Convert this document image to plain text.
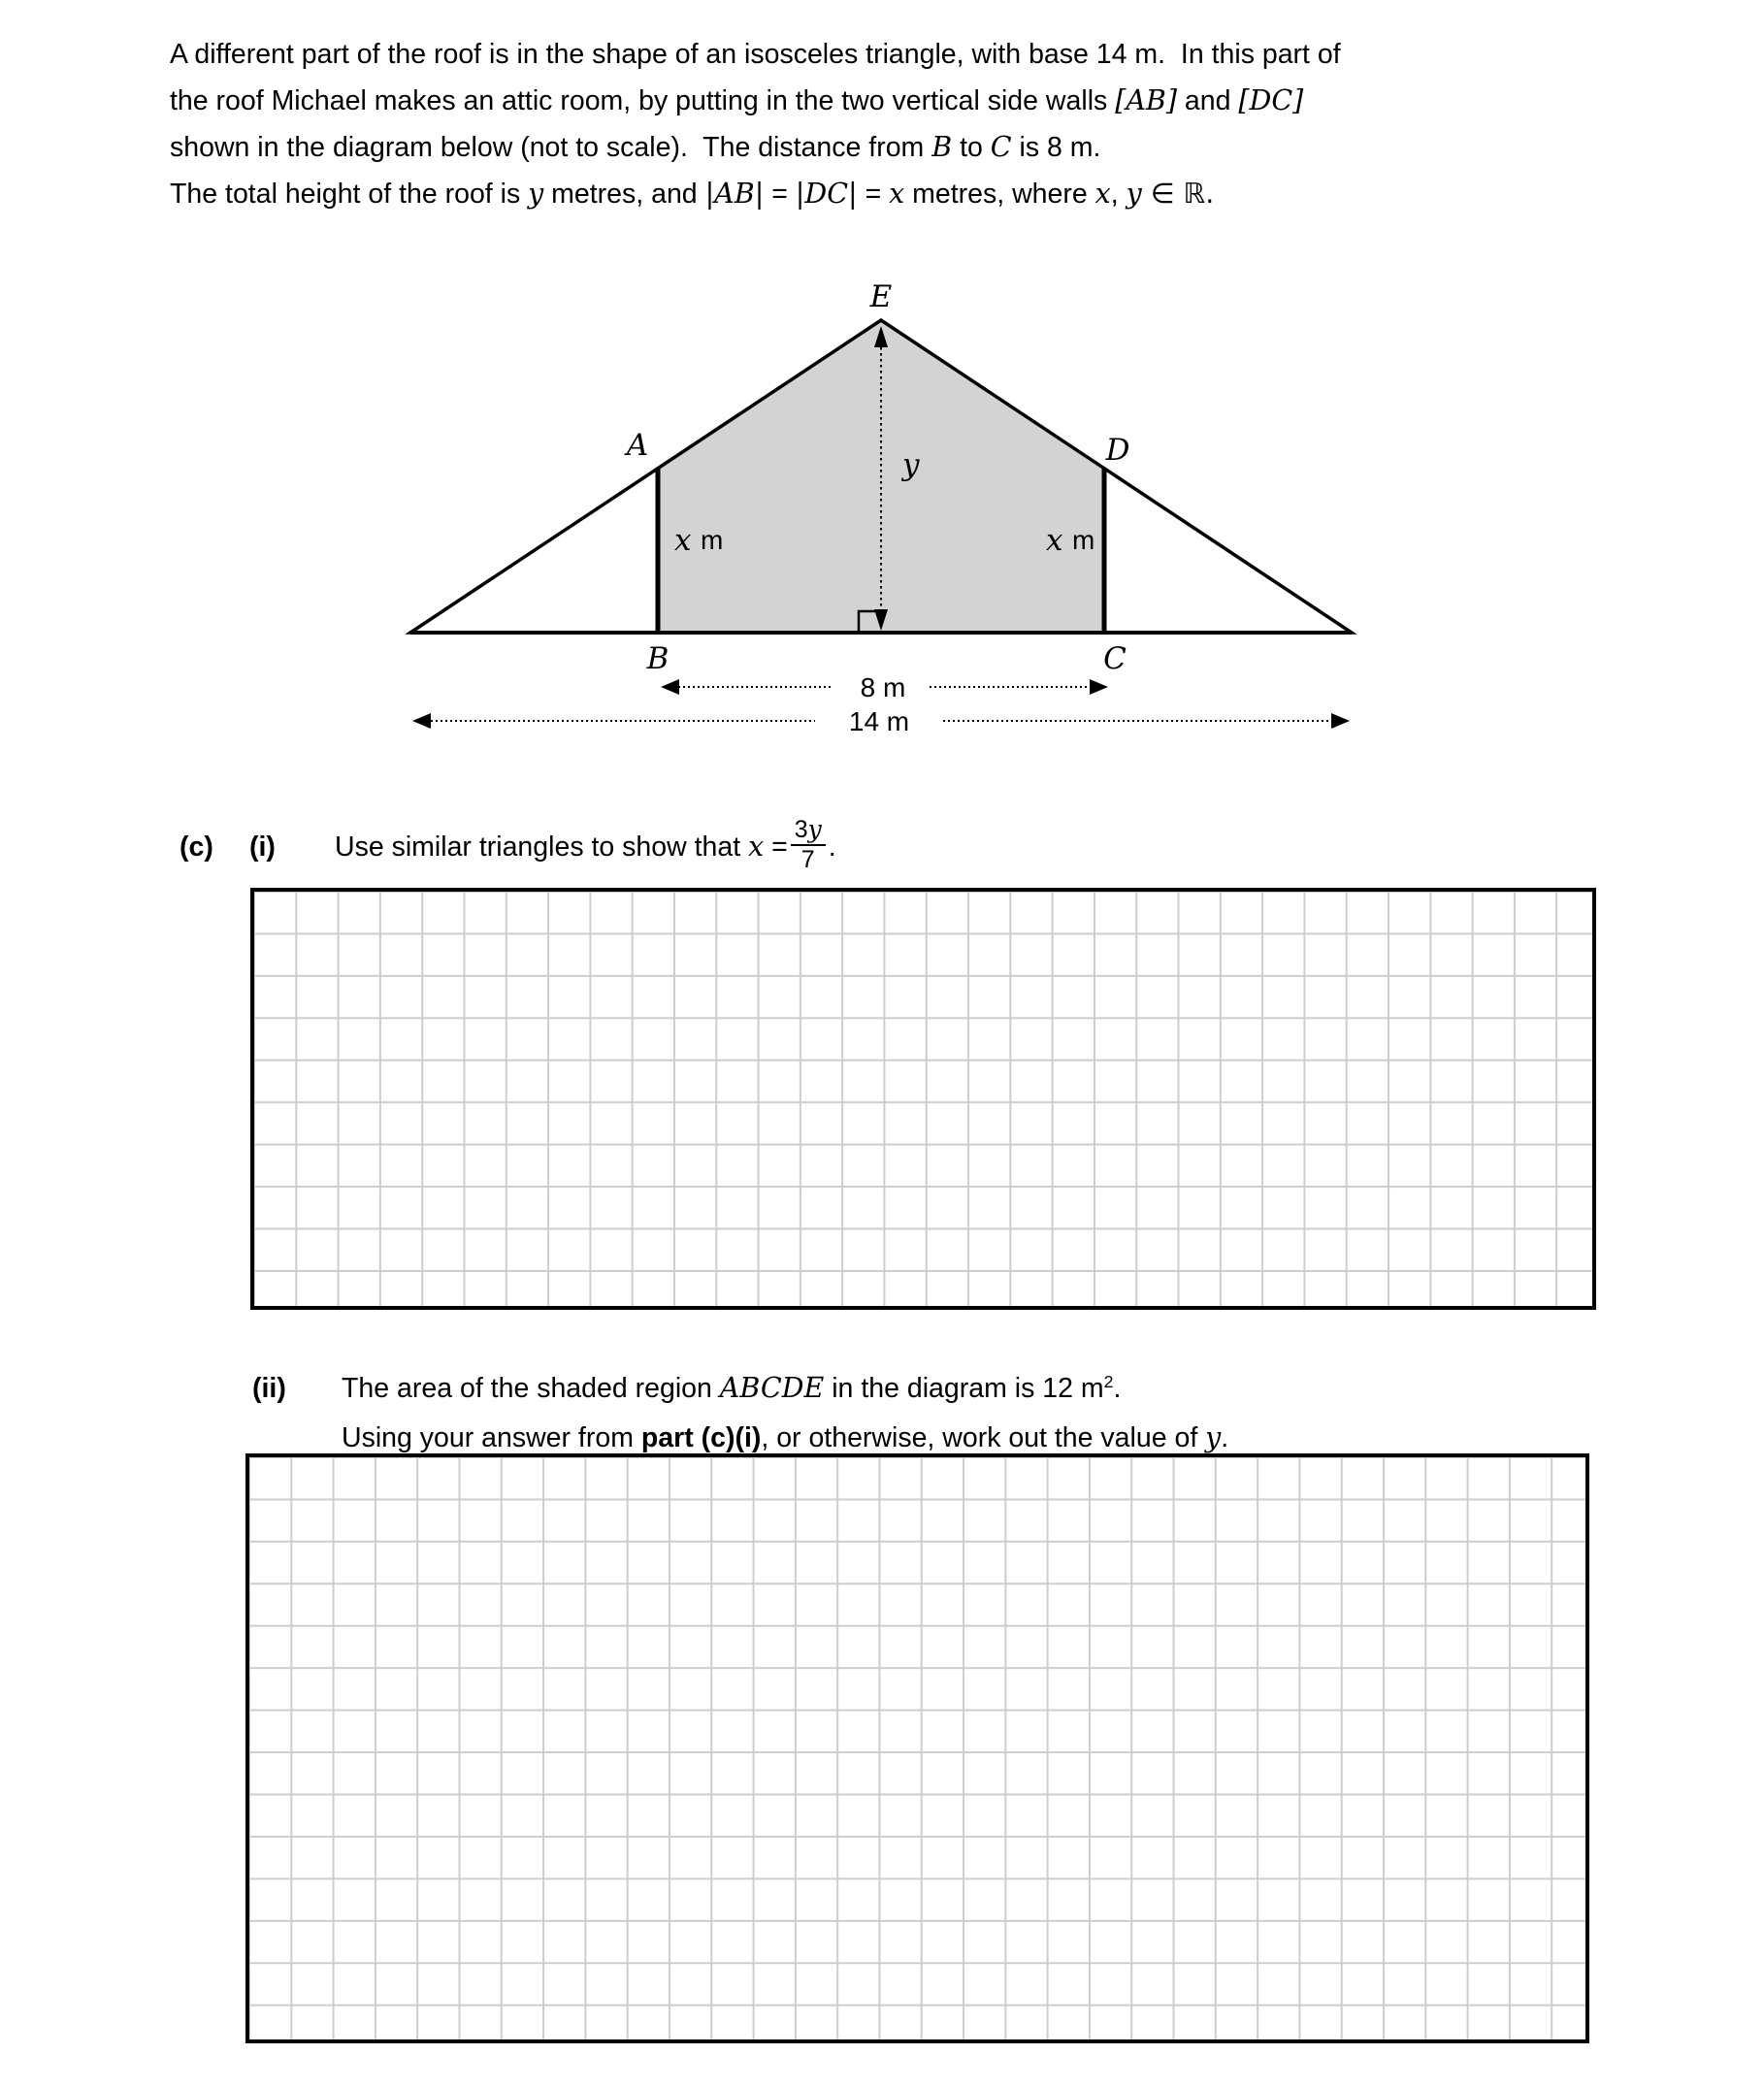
A different part of the roof is in the shape of an isosceles triangle, with base 14 m.  In this part of
the roof Michael makes an attic room, by putting in the two vertical side walls [AB] and [DC]
shown in the diagram below (not to scale).  The distance from B to C is 8 m.
The total height of the roof is y metres, and |AB| = |DC| = x metres, where x, y ∈ ℝ.
E
A	D
B	C
y
x m	x m
8 m
14 m
(c)	(i)	Use similar triangles to show that $x = \frac{3y}{7}$ .
(ii) The area of the shaded region ABCDE in the diagram is 12 $m^2$.
Using your answer from part (c)(i), or otherwise, work out the value of y.
